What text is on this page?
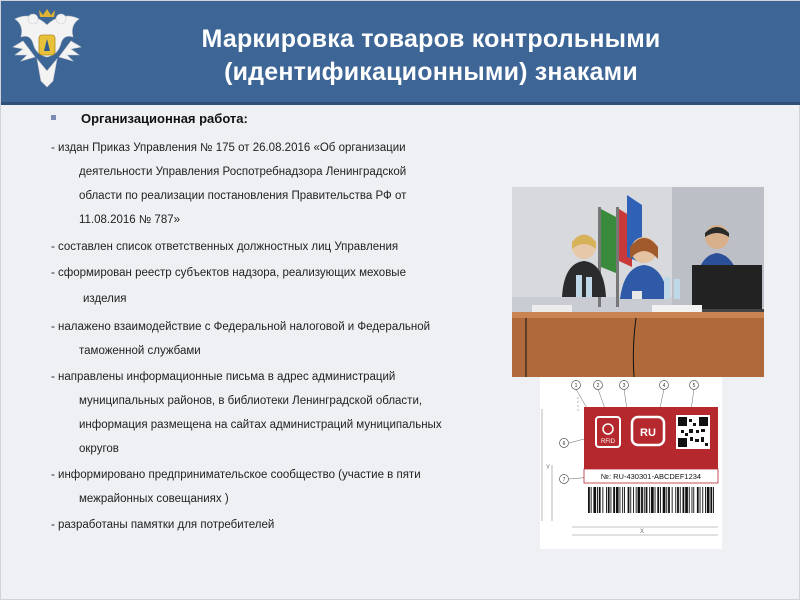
Маркировка товаров контрольными
(идентификационными) знаками
Организационная работа:
- издан Приказ Управления № 175 от 26.08.2016 «Об организации
деятельности Управления Роспотребнадзора Ленинградской
области по реализации постановления Правительства РФ от
11.08.2016 № 787»
- составлен список ответственных должностных лиц Управления
- сформирован реестр субъектов надзора, реализующих меховые
изделия
- налажено взаимодействие с Федеральной налоговой и Федеральной
таможенной службами
- направлены информационные письма в адрес администраций
муниципальных районов, в библиотеки Ленинградской области,
информация размещена на сайтах администраций муниципальных
округов
- информировано предпринимательское сообщество (участие в пяти
межрайонных совещаниях )
- разработаны памятки для потребителей
Y
X
1	2	3	4	5
6
7
RFID
RU
№: RU-430301-ABCDEF1234
